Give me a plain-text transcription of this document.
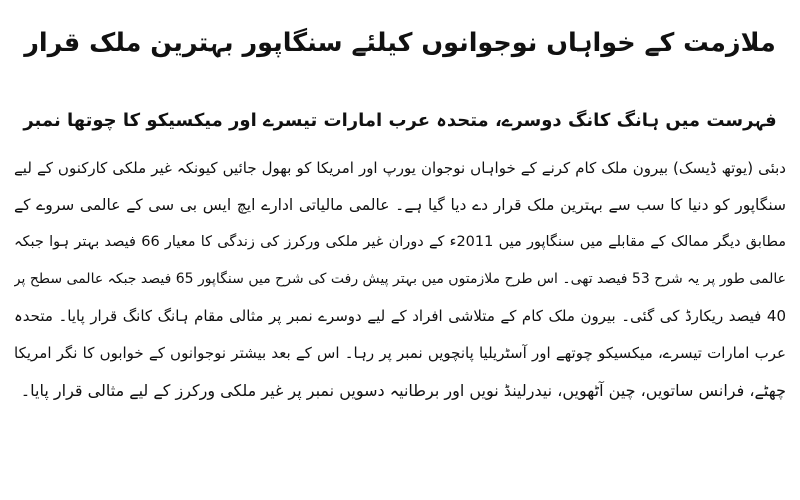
ملازمت کے خواہاں نوجوانوں کیلئے سنگاپور بہترین ملک قرار
فہرست میں ہانگ کانگ دوسرے، متحدہ عرب امارات تیسرے اور میکسیکو کا چوتھا نمبر
دبئی (یوتھ ڈیسک) بیرون ملک کام کرنے کے خواہاں نوجوان یورپ اور امریکا کو بھول جائیں کیونکہ غیر ملکی کارکنوں کے لیے
سنگاپور کو دنیا کا سب سے بہترین ملک قرار دے دیا گیا ہے۔ عالمی مالیاتی ادارے ایچ ایس بی سی کے عالمی سروے کے
مطابق دیگر ممالک کے مقابلے میں سنگاپور میں 2011ء کے دوران غیر ملکی ورکرز کی زندگی کا معیار 66 فیصد بہتر ہوا جبکہ
عالمی طور پر یہ شرح 53 فیصد تھی۔ اس طرح ملازمتوں میں بہتر پیش رفت کی شرح میں سنگاپور 65 فیصد جبکہ عالمی سطح پر
40 فیصد ریکارڈ کی گئی۔ بیرون ملک کام کے متلاشی افراد کے لیے دوسرے نمبر پر مثالی مقام ہانگ کانگ قرار پایا۔ متحدہ
عرب امارات تیسرے، میکسیکو چوتھے اور آسٹریلیا پانچویں نمبر پر رہا۔ اس کے بعد بیشتر نوجوانوں کے خوابوں کا نگر امریکا
چھٹے، فرانس ساتویں، چین آٹھویں، نیدرلینڈ نویں اور برطانیہ دسویں نمبر پر غیر ملکی ورکرز کے لیے مثالی قرار پایا۔
